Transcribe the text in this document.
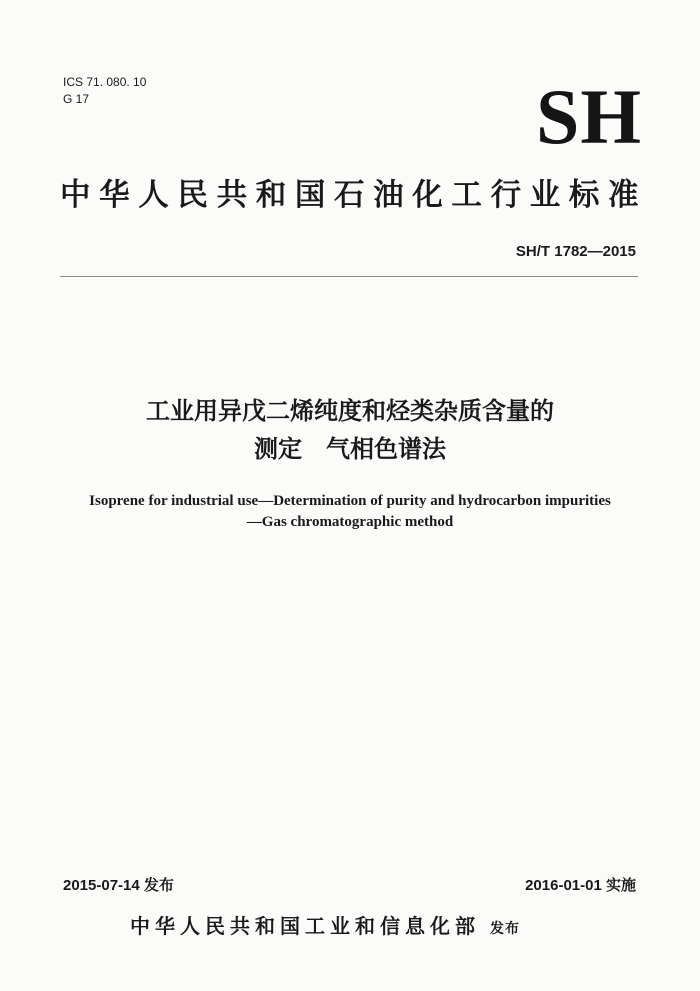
ICS 71. 080. 10
G 17	SH
中华人民共和国石油化工行业标准
SH/T 1782—2015
工业用异戊二烯纯度和烃类杂质含量的
测定　气相色谱法
Isoprene for industrial use—Determination of purity and hydrocarbon impurities
—Gas chromatographic method
2015-07-14 发布	2016-01-01 实施
中华人民共和国工业和信息化部 发布
